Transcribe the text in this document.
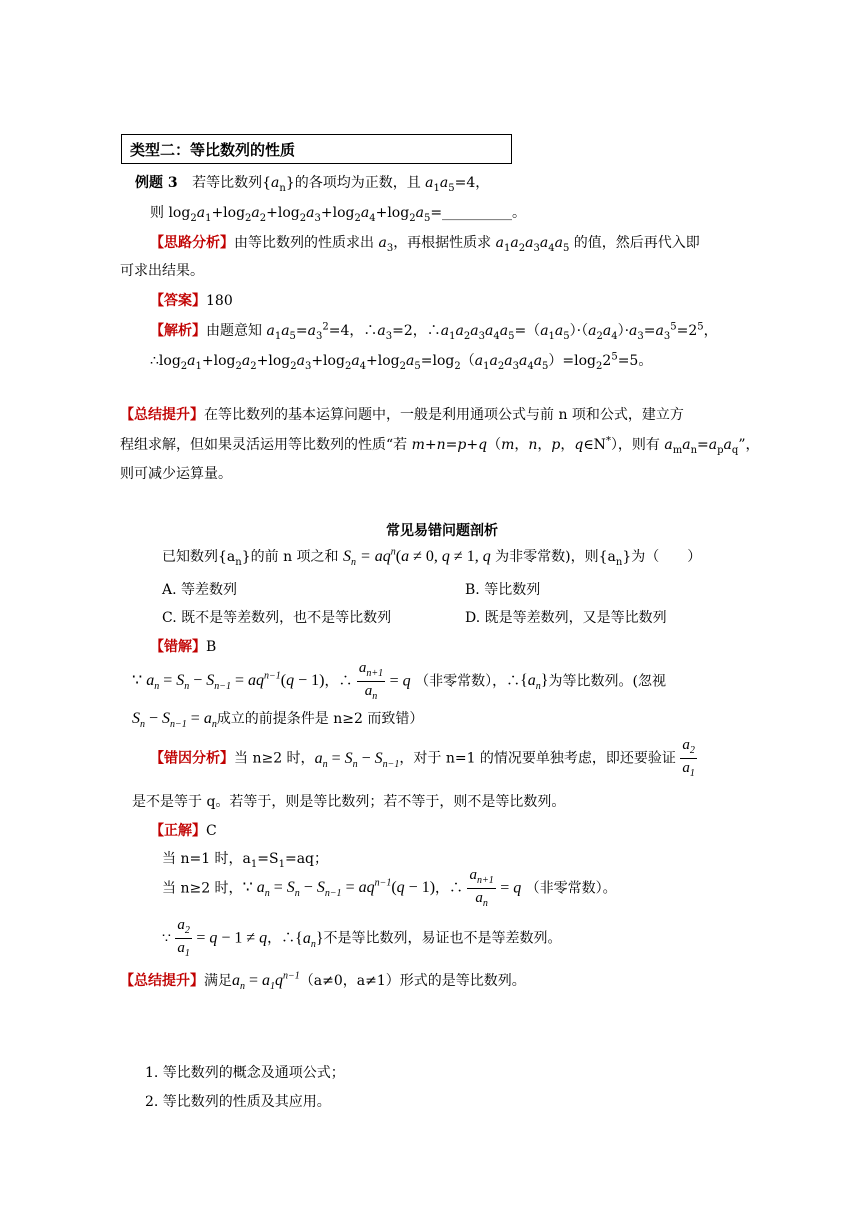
类型二：等比数列的性质
例题 3 若等比数列$\{a_n\}$的各项均为正数，且 $a_1a_5=4$，
则 $\log_2a_1+\log_2a_2+\log_2a_3+\log_2a_4+\log_2a_5=\_\_\_\_\_\_\_\_\_\_$。
【思路分析】由等比数列的性质求出 $a_3$，再根据性质求 $a_1a_2a_3a_4a_5$ 的值，然后再代入即
可求出结果。
【答案】180
【解析】由题意知 $a_1a_5=a_3^2=4$，$\therefore a_3=2$，$\therefore a_1a_2a_3a_4a_5=(a_1a_5)\cdot(a_2a_4)\cdot a_3=a_3^5=2^5$，
$\therefore\log_2a_1+\log_2a_2+\log_2a_3+\log_2a_4+\log_2a_5=\log_2(a_1a_2a_3a_4a_5)=\log_22^5=5$。
【总结提升】在等比数列的基本运算问题中，一般是利用通项公式与前 n 项和公式，建立方
程组求解，但如果灵活运用等比数列的性质“若 m+n=p+q（m，n，p，q∈N*），则有 $a_ma_n=a_pa_q$”，
则可减少运算量。
常见易错问题剖析
已知数列$\{a_n\}$的前 n 项之和 $S_n = aq^n(a \ne 0$, q ≠ 1, q 为非零常数)，则$\{a_n\}$为（　　）
A. 等差数列	B. 等比数列
C. 既不是等差数列，也不是等比数列	D. 既是等差数列，又是等比数列
【错解】B
∵ $a_n = S_n - S_{n-1} = aq^{n-1}(q - 1)$，∴ $\frac{a_{n+1}}{a_n} = q$ （非零常数），$\therefore\{a_n\}$为等比数列。(忽视
$S_n - S_{n-1} = a_n$成立的前提条件是 n≥2 而致错）
【错因分析】当 n≥2 时，$a_n = S_n - S_{n-1}$，对于 n=1 的情况要单独考虑，即还要验证 $\frac{a_2}{a_1}$
是不是等于 q。若等于，则是等比数列；若不等于，则不是等比数列。
【正解】C
当 n=1 时，$a_1=S_1=aq$；
当 n≥2 时，∵ $a_n = S_n - S_{n-1} = aq^{n-1}(q - 1)$，∴ $\frac{a_{n+1}}{a_n} = q$ （非零常数）。
∵ $\frac{a_2}{a_1} = q - 1 \ne q$，$\therefore\{a_n\}$不是等比数列，易证也不是等差数列。
【总结提升】满足$a_n = a_1q^{n-1}(a\ne 0$，a≠1）形式的是等比数列。
1. 等比数列的概念及通项公式；
2. 等比数列的性质及其应用。
